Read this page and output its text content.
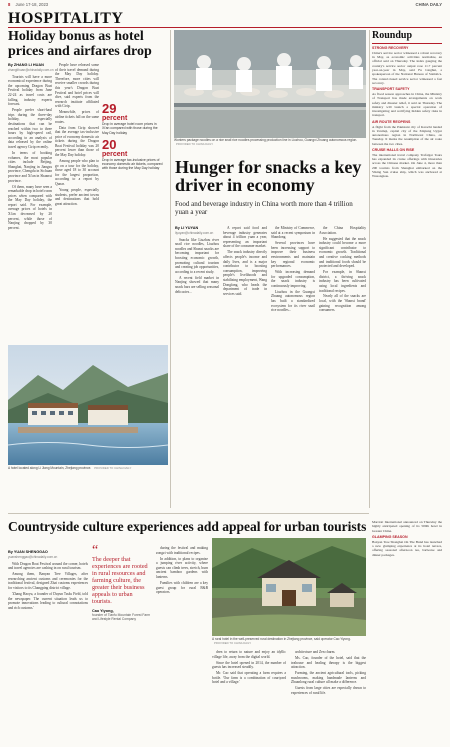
8 June 17-18, 2023	CHINA DAILY
HOSPITALITY
Holiday bonus as hotel prices and airfares drop
By ZHANG LI HUAN
zhanglihuan@chinadaily.com.cn

Tourists will have a more economical experience during the upcoming Dragon Boat Festival holiday from June 22-24 as travel costs are falling, industry experts forecast.

People prefer short-haul trips during the three-day holiday, especially destinations that can be reached within two to three hours by high-speed rail, according to an analysis of data released by the online travel agency Ctrip recently.

In terms of booking volumes, the most popular cities include Beijing, Shanghai, Nanjing in Jiangsu province, Chengdu in Sichuan province and Xi'an in Shaanxi province.

Of them, many have seen a remarkable drop in hotel room prices when compared with the May Day holiday, the report said. For example, average prices of hotels in Xi'an decreased by 20 percent, while those of Nanjing dropped by 30 percent.

People have released some of their travel demand during the May Day holiday. Therefore, more cities will receive smaller crowds during this year's Dragon Boat Festival and hotel prices will dive, said experts from the research institute affiliated with Ctrip.

Meanwhile, prices of airline tickets fall on the same routes.

Data from Ctrip showed that the average tax-inclusive price of economy domestic air tickets during the Dragon Boat Festival holiday was 20 percent lower than those of the May Day holiday.

Among people who plan to go on a tour for the holiday, those aged 18 to 30 account for the largest proportion, according to a report by Qunar.

Young people, especially students, prefer ancient towns and destinations that hold great attraction.

29
percent
Drop in average hotel room prices in Xi'an compared with those during the May Day holiday
20
percent
Drop in average tax-inclusive prices of economy domestic air tickets, compared with those during the May Day holiday
A hotel located along Li Jiang Mountain, Zhejiang province. PROVIDED TO CHINA DAILY
Workers package noodles on a rice snail rice noodles processing production line in Liuzhou, Guangxi Zhuang autonomous region. PROVIDED TO CHINA DAILY
Hunger for snacks a key driver in economy
Food and beverage industry in China worth more than 4 trillion yuan a year
By LI YUYAN
liyuyan@chinadaily.com.cn

Snacks like Liuzhou river snail rice noodles, Liuzhou noodles and Shanxi snacks are becoming important for boosting economic growth, promoting cultural tourism and creating job opportunities, according to a recent study.

A recent field market in Nanjing showed that many snack bars are selling seasonal delicacies...

A report said food and beverage industry generates about 4 trillion yuan a year, representing an important share of the consumer market.

The snack industry directly affects people's income and daily lives, and is a major contributor to boosting consumption, improving people's livelihoods and stabilizing employment, Wang Dongfang, who heads the department of trade in services said.

the Ministry of Commerce, said at a recent symposium in Shandong.

Several provinces have been increasing support to improve their business environments and maintain key regional economic performances.

With increasing demand for upgraded consumption, the snack industry is continuously improving.

Liuzhou in the Guangxi Zhuang autonomous region has built a standardized ecosystem for its river snail rice noodles...

the China Hospitality Association.

He suggested that the snack industry could become a more significant contributor to economic growth. Traditional and creative cooking methods and traditional foods should be protected and developed.

For example, in Shanxi district, a thriving snack industry has been cultivated using local ingredients and traditional recipes.

Nearly all of the snacks are local, with the 'Shanxi brand' gaining recognition among consumers.

Roundup
STRONG RECOVERY
China's service sector witnessed a robust recovery in May, as economic activities normalize, an official said on Thursday. The index gauging the country's service sector output rose 11.7 percent year-on-year in May, said Fu Linghui, a spokesperson of the National Bureau of Statistics. The contact-based service sector witnessed a fast recovery.
TRANSPORT SAFETY
As flood season approaches in China, the Ministry of Transport has made arrangements on work safety and disaster relief, it said on Thursday. The ministry will launch a special operation of investigating and rectifying hidden safety risks in transport.
AIR ROUTE REOPENS
A flight from the Pakistani city of Karachi landed in Urumqi, capital city of the Xinjiang Uygur autonomous region in Northwest China, on Tuesday. It marks the resumption of the air route between the two cities.
CRUISE HALLS ON RISE
The international travel company Trafalgar Tours has expanded its cruise offerings with itineraries across the Chinese market. On June 4, more than 200 tourists from Shanghai embarked on the Viking Sun cruise ship, which was anchored at Wusongkou.
Marriott International announced on Thursday the highly anticipated opening of its 500th hotel in Greater China.
GLAMPING SEASON
Banyan Tree Shanghai On The Bund has launched a new glamping experience at its hotel terrace, offering seasonal afternoon tea, barbecue and dinner packages.
Countryside culture experiences add appeal for urban tourists
By YUAN SHENGGAO
yuanshenggao@chinadaily.com.cn

With Dragon Boat Festival around the corner, hotels and travel agencies are cashing in on rural tourism.

Among them, Banyan Tree Villages, after researching ancient customs and ceremonies for the traditional festival, designed Zhai customs experiences for visitors to its Changping district village.

'Zhang Haoyu, a founder of Duyun Tasks Field, told the newspaper. The current situation leads us to promote innovations leading to cultural connotations and rich customs.'

“
The deeper that experiences are rooted in rural resources and farming culture, the greater their business appeals to urban tourists.
Cao Yiyong,
founder of Tianfu Mountain Forest Farm and Lifestyle Rental Company

during the festival and making zongzi with traditional recipes.

In addition, to plans to organize a jumping river activity, where guests can climb trees, stretch, burn ancient bamboo gardens with lanterns.

Families with children are a key guest group for rural B&B operators.

A rural hotel in the well-preserved rural destination in Zhejiang province, said operator Cao Yiyong. PROVIDED TO CHINA DAILY

dren to return to nature and enjoy an idyllic village life, away from the digital world.

Since the hotel opened in 2014, the number of guests has increased steadily.

Mr. Cao said that operating a farm requires a bottle. 'Our farm is a combination of courtyard hotel and a village.'

architecture and Zen charm.

Ms. Cao, founder of the hotel, said that the teahouse and healing therapy is the biggest attraction.

Farming, the ancient agricultural tools, picking mushrooms, making handmade lanterns and Zhuanlong rural culture all make a difference.

Guests from large cities are especially drawn to experiences of rural life.
